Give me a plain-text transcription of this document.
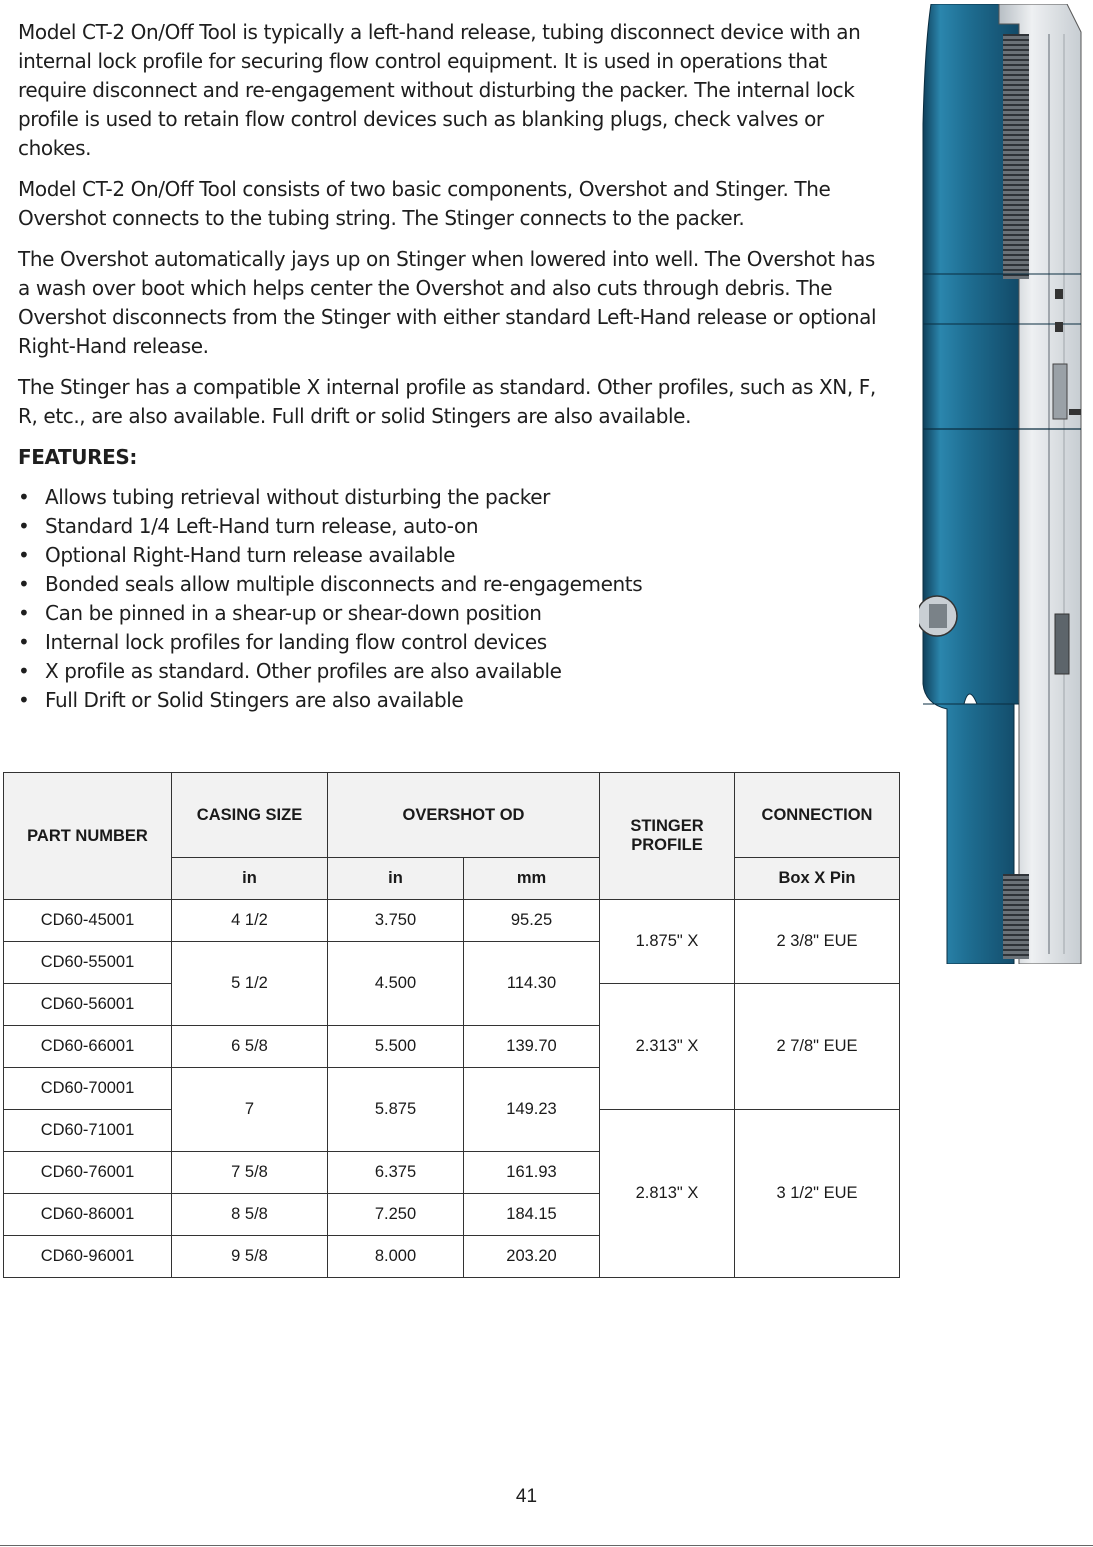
Model CT-2 On/Off Tool is typically a left-hand release, tubing disconnect device with an internal lock profile for securing flow control equipment. It is used in operations that require disconnect and re-engagement without disturbing the packer. The internal lock profile is used to retain flow control devices such as blanking plugs, check valves or chokes.

Model CT-2 On/Off Tool consists of two basic components, Overshot and Stinger. The Overshot connects to the tubing string. The Stinger connects to the packer.

The Overshot automatically jays up on Stinger when lowered into well. The Overshot has a wash over boot which helps center the Overshot and also cuts through debris. The Overshot disconnects from the Stinger with either standard Left-Hand release or optional Right-Hand release.

The Stinger has a compatible X internal profile as standard. Other profiles, such as XN, F, R, etc., are also available. Full drift or solid Stingers are also available.

FEATURES:
• Allows tubing retrieval without disturbing the packer
• Standard 1/4 Left-Hand turn release, auto-on
• Optional Right-Hand turn release available
• Bonded seals allow multiple disconnects and re-engagements
• Can be pinned in a shear-up or shear-down position
• Internal lock profiles for landing flow control devices
• X profile as standard. Other profiles are also available
• Full Drift or Solid Stingers are also available
PART NUMBER	CASING SIZE	OVERSHOT OD		STINGER PROFILE	CONNECTION
	in	in	mm		Box X Pin
CD60-45001	4 1/2	3.750	95.25	1.875" X	2 3/8" EUE
CD60-55001	5 1/2	4.500	114.30		
CD60-56001				2.313" X	2 7/8" EUE
CD60-66001	6 5/8	5.500	139.70		
CD60-70001	7	5.875	149.23		
CD60-71001				2.813" X	3 1/2" EUE
CD60-76001	7 5/8	6.375	161.93		
CD60-86001	8 5/8	7.250	184.15		
CD60-96001	9 5/8	8.000	203.20		
41
